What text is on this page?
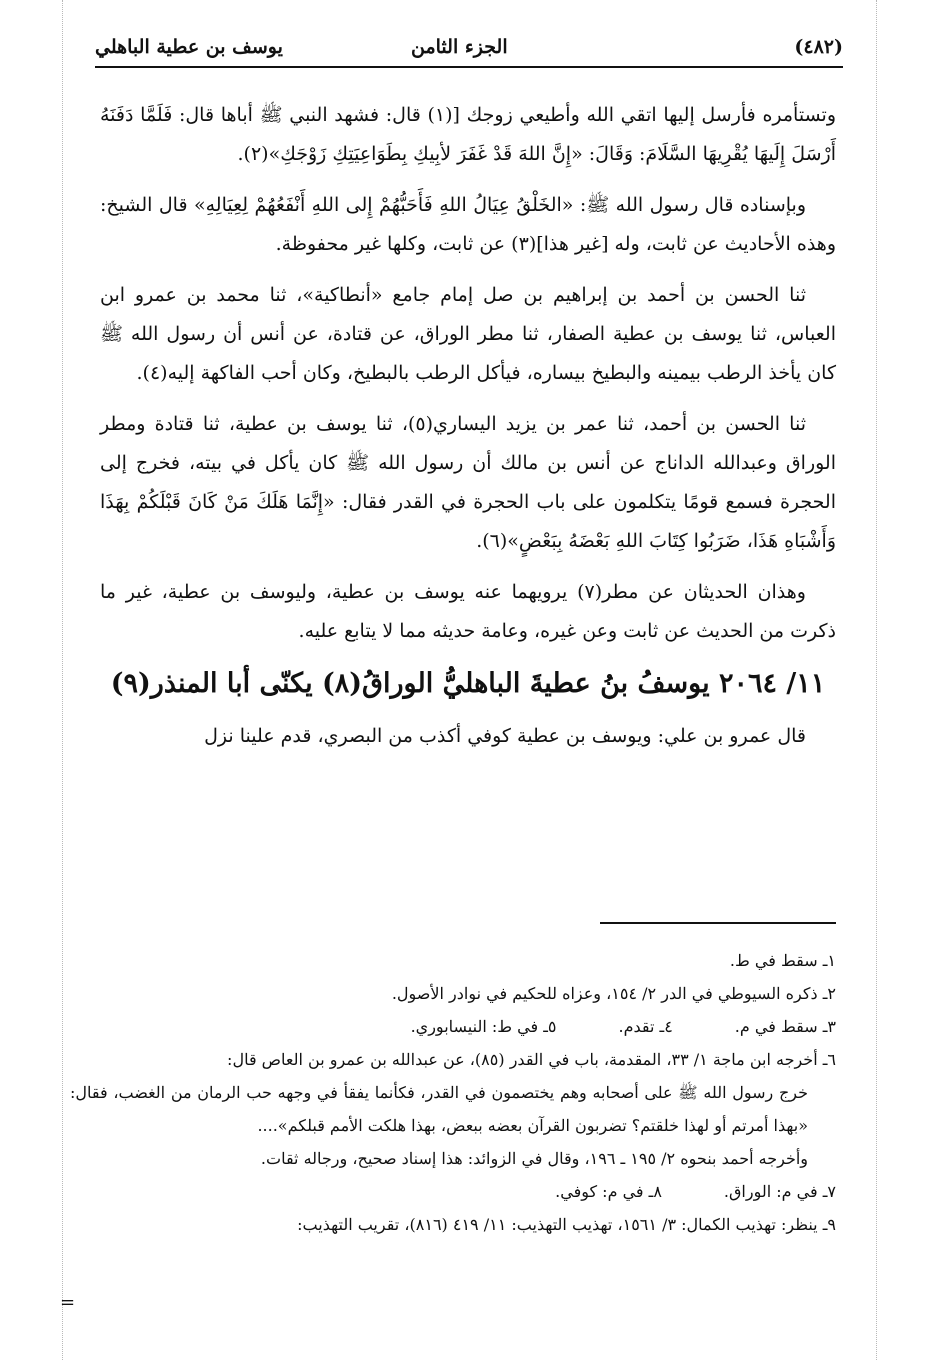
يوسف بن عطية الباهلي	الجزء الثامن	(٤٨٢)

وتستأمره فأرسل إليها اتقي الله وأطيعي زوجك [(١) قال: فشهد النبي ﷺ أباها قال: فَلَمَّا دَفَنَهُ أَرْسَلَ إِلَيهَا يُقْرِيهَا السَّلَامَ: وَقَالَ: «إِنَّ اللهَ قَدْ غَفَرَ لأبِيكِ بِطَوَاعِيَتِكِ زَوْجَكِ»(٢).

وبإسناده قال رسول الله ﷺ: «الخَلْقُ عِيَالُ اللهِ فَأَحَبُّهُمْ إِلى اللهِ أَنْفَعُهُمْ لِعِيَالِهِ» قال الشيخ: وهذه الأحاديث عن ثابت، وله [غير هذا](٣) عن ثابت، وكلها غير محفوظة.

ثنا الحسن بن أحمد بن إبراهيم بن صل إمام جامع «أنطاكية»، ثنا محمد بن عمرو ابن العباس، ثنا يوسف بن عطية الصفار، ثنا مطر الوراق، عن قتادة، عن أنس أن رسول الله ﷺ كان يأخذ الرطب بيمينه والبطيخ بيساره، فيأكل الرطب بالبطيخ، وكان أحب الفاكهة إليه(٤).

ثنا الحسن بن أحمد، ثنا عمر بن يزيد اليساري(٥)، ثنا يوسف بن عطية، ثنا قتادة ومطر الوراق وعبدالله الداناج عن أنس بن مالك أن رسول الله ﷺ كان يأكل في بيته، فخرج إلى الحجرة فسمع قومًا يتكلمون على باب الحجرة في القدر فقال: «إِنَّمَا هَلَكَ مَنْ كَانَ قَبْلَكُمْ بِهَذَا وَأَشْبَاهِ هَذَا، ضَرَبُوا كِتَابَ اللهِ بَعْضَهُ بِبَعْضٍ»(٦).

وهذان الحديثان عن مطر(٧) يرويهما عنه يوسف بن عطية، وليوسف بن عطية، غير ما ذكرت من الحديث عن ثابت وعن غيره، وعامة حديثه مما لا يتابع عليه.

١١/ ٢٠٦٤ يوسفُ بنُ عطيةَ الباهليُّ الوراقُ(٨) يكنّى أبا المنذر(٩)

قال عمرو بن علي: ويوسف بن عطية كوفي أكذب من البصري، قدم علينا نزل

١ـ سقط في ط.

٢ـ ذكره السيوطي في الدر ٢/ ١٥٤، وعزاه للحكيم في نوادر الأصول.

٣ـ سقط في م.
٤ـ تقدم.
٥ـ في ط: النيسابوري.

٦ـ أخرجه ابن ماجة ١/ ٣٣، المقدمة، باب في القدر (٨٥)، عن عبدالله بن عمرو بن العاص قال:

خرج رسول الله ﷺ على أصحابه وهم يختصمون في القدر، فكأنما يفقأ في وجهه حب الرمان من الغضب، فقال: «بهذا أمرتم أو لهذا خلقتم؟ تضربون القرآن بعضه ببعض، بهذا هلكت الأمم قبلكم»....

وأخرجه أحمد بنحوه ٢/ ١٩٥ ـ ١٩٦، وقال في الزوائد: هذا إسناد صحيح، ورجاله ثقات.

٧ـ في م: الوراق.
٨ـ في م: كوفي.

٩ـ ينظر: تهذيب الكمال: ٣/ ١٥٦١، تهذيب التهذيب: ١١/ ٤١٩ (٨١٦)، تقريب التهذيب:

=
